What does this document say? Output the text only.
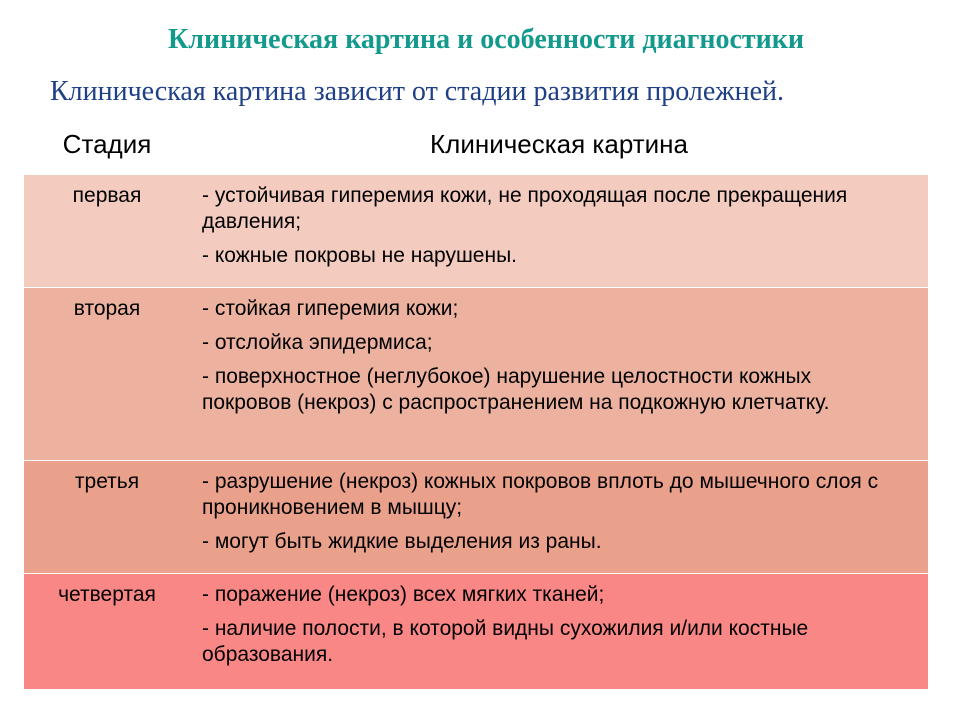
Клиническая картина и особенности диагностики
Клиническая картина зависит от стадии развития пролежней.
Стадия	Клиническая картина
первая	- устойчивая гиперемия кожи, не проходящая после прекращения давления;
- кожные покровы не нарушены.
вторая	- стойкая гиперемия кожи;
- отслойка эпидермиса;
- поверхностное (неглубокое) нарушение целостности кожных покровов (некроз) с распространением на подкожную клетчатку.
третья	- разрушение (некроз) кожных покровов вплоть до мышечного слоя с проникновением в мышцу;
- могут быть жидкие выделения из раны.
четвертая	- поражение (некроз) всех мягких тканей;
- наличие полости, в которой видны сухожилия и/или костные образования.
